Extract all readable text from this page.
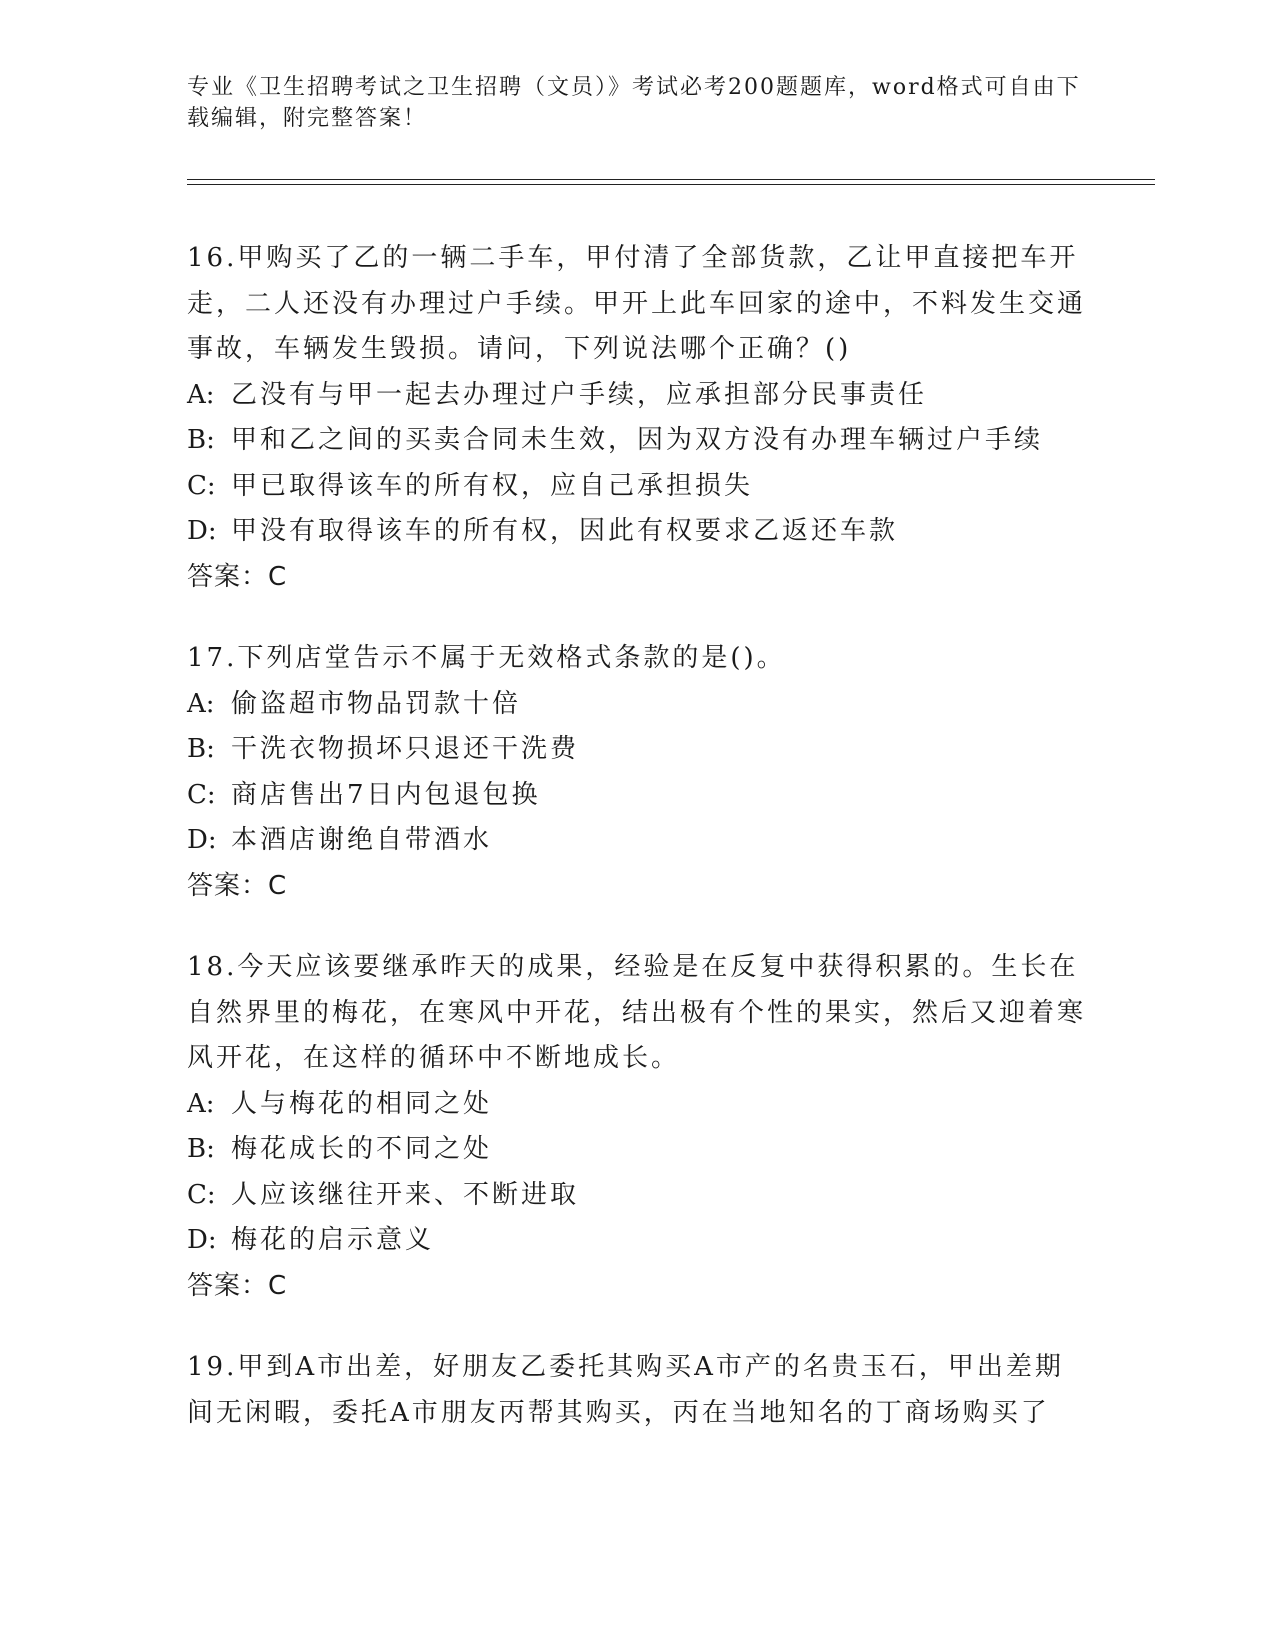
专业《卫生招聘考试之卫生招聘（文员）》考试必考200题题库，word格式可自由下载编辑，附完整答案！
16.甲购买了乙的一辆二手车，甲付清了全部货款，乙让甲直接把车开走，二人还没有办理过户手续。甲开上此车回家的途中，不料发生交通事故，车辆发生毁损。请问，下列说法哪个正确？()
A: 乙没有与甲一起去办理过户手续，应承担部分民事责任
B: 甲和乙之间的买卖合同未生效，因为双方没有办理车辆过户手续
C: 甲已取得该车的所有权，应自己承担损失
D: 甲没有取得该车的所有权，因此有权要求乙返还车款
答案：C
17.下列店堂告示不属于无效格式条款的是()。
A: 偷盗超市物品罚款十倍
B: 干洗衣物损坏只退还干洗费
C: 商店售出7日内包退包换
D: 本酒店谢绝自带酒水
答案：C
18.今天应该要继承昨天的成果，经验是在反复中获得积累的。生长在自然界里的梅花，在寒风中开花，结出极有个性的果实，然后又迎着寒风开花，在这样的循环中不断地成长。
A: 人与梅花的相同之处
B: 梅花成长的不同之处
C: 人应该继往开来、不断进取
D: 梅花的启示意义
答案：C
19.甲到A市出差，好朋友乙委托其购买A市产的名贵玉石，甲出差期间无闲暇，委托A市朋友丙帮其购买，丙在当地知名的丁商场购买了
